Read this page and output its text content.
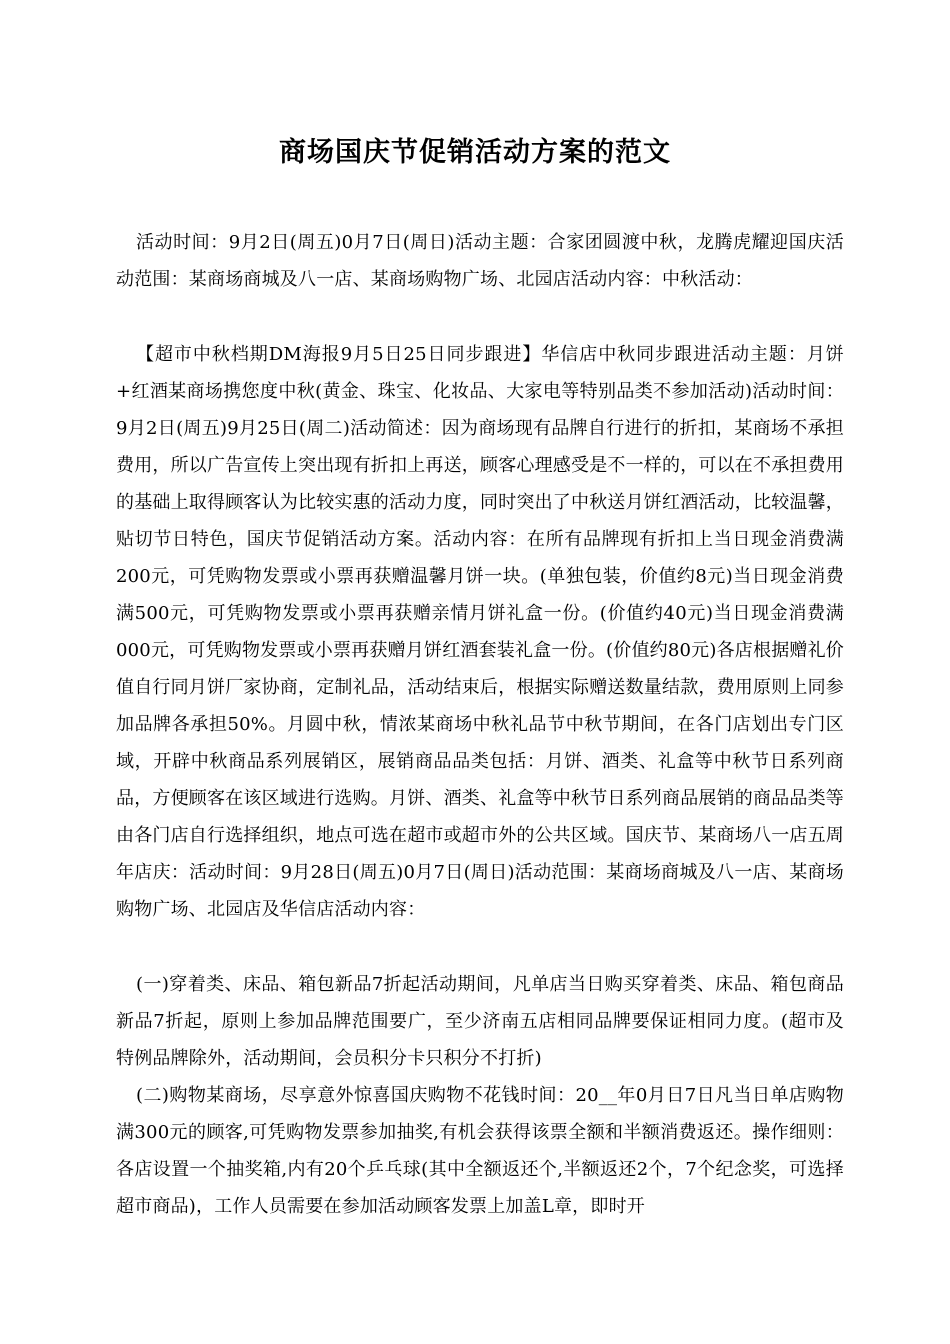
商场国庆节促销活动方案的范文

活动时间：9月2日(周五)0月7日(周日)活动主题：合家团圆渡中秋，龙腾虎耀迎国庆活动范围：某商场商城及八一店、某商场购物广场、北园店活动内容：中秋活动：

【超市中秋档期DM海报9月5日25日同步跟进】华信店中秋同步跟进活动主题：月饼+红酒某商场携您度中秋(黄金、珠宝、化妆品、大家电等特别品类不参加活动)活动时间：9月2日(周五)9月25日(周二)活动简述：因为商场现有品牌自行进行的折扣，某商场不承担费用，所以广告宣传上突出现有折扣上再送，顾客心理感受是不一样的，可以在不承担费用的基础上取得顾客认为比较实惠的活动力度，同时突出了中秋送月饼红酒活动，比较温馨，贴切节日特色，国庆节促销活动方案。活动内容：在所有品牌现有折扣上当日现金消费满200元，可凭购物发票或小票再获赠温馨月饼一块。(单独包装，价值约8元)当日现金消费满500元，可凭购物发票或小票再获赠亲情月饼礼盒一份。(价值约40元)当日现金消费满000元，可凭购物发票或小票再获赠月饼红酒套装礼盒一份。(价值约80元)各店根据赠礼价值自行同月饼厂家协商，定制礼品，活动结束后，根据实际赠送数量结款，费用原则上同参加品牌各承担50%。月圆中秋，情浓某商场中秋礼品节中秋节期间，在各门店划出专门区域，开辟中秋商品系列展销区，展销商品品类包括：月饼、酒类、礼盒等中秋节日系列商品，方便顾客在该区域进行选购。月饼、酒类、礼盒等中秋节日系列商品展销的商品品类等由各门店自行选择组织，地点可选在超市或超市外的公共区域。国庆节、某商场八一店五周年店庆：活动时间：9月28日(周五)0月7日(周日)活动范围：某商场商城及八一店、某商场购物广场、北园店及华信店活动内容：

(一)穿着类、床品、箱包新品7折起活动期间，凡单店当日购买穿着类、床品、箱包商品新品7折起，原则上参加品牌范围要广，至少济南五店相同品牌要保证相同力度。(超市及特例品牌除外，活动期间，会员积分卡只积分不打折)

(二)购物某商场，尽享意外惊喜国庆购物不花钱时间：20__年0月日7日凡当日单店购物满300元的顾客,可凭购物发票参加抽奖,有机会获得该票全额和半额消费返还。操作细则：各店设置一个抽奖箱,内有20个乒乓球(其中全额返还个,半额返还2个，7个纪念奖，可选择超市商品)，工作人员需要在参加活动顾客发票上加盖L章，即时开
